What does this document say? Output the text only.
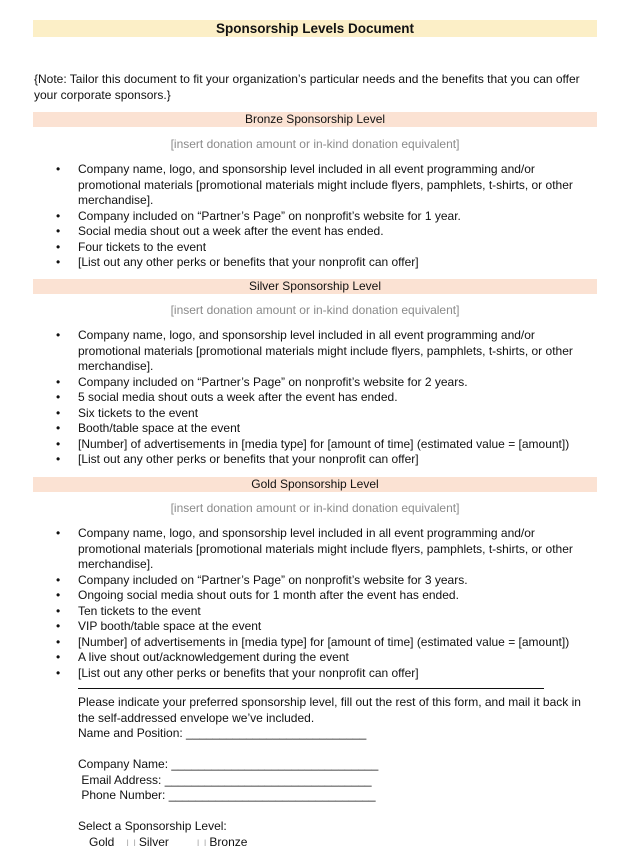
Sponsorship Levels Document
{Note: Tailor this document to fit your organization’s particular needs and the benefits that you can offer your corporate sponsors.}
Bronze Sponsorship Level
[insert donation amount or in-kind donation equivalent]
• Company name, logo, and sponsorship level included in all event programming and/or promotional materials [promotional materials might include flyers, pamphlets, t-shirts, or other merchandise].
• Company included on “Partner’s Page” on nonprofit’s website for 1 year.
• Social media shout out a week after the event has ended.
• Four tickets to the event
• [List out any other perks or benefits that your nonprofit can offer]
Silver Sponsorship Level
[insert donation amount or in-kind donation equivalent]
• Company name, logo, and sponsorship level included in all event programming and/or promotional materials [promotional materials might include flyers, pamphlets, t-shirts, or other merchandise].
• Company included on “Partner’s Page” on nonprofit’s website for 2 years.
• 5 social media shout outs a week after the event has ended.
• Six tickets to the event
• Booth/table space at the event
• [Number] of advertisements in [media type] for [amount of time] (estimated value = [amount])
• [List out any other perks or benefits that your nonprofit can offer]
Gold Sponsorship Level
[insert donation amount or in-kind donation equivalent]
• Company name, logo, and sponsorship level included in all event programming and/or promotional materials [promotional materials might include flyers, pamphlets, t-shirts, or other merchandise].
• Company included on “Partner’s Page” on nonprofit’s website for 3 years.
• Ongoing social media shout outs for 1 month after the event has ended.
• Ten tickets to the event
• VIP booth/table space at the event
• [Number] of advertisements in [media type] for [amount of time] (estimated value = [amount])
• A live shout out/acknowledgement during the event
• [List out any other perks or benefits that your nonprofit can offer]
Please indicate your preferred sponsorship level, fill out the rest of this form, and mail it back in the self-addressed envelope we’ve included.
Name and Position: ___________________________
Company Name: _______________________________
Email Address: _______________________________
Phone Number: _______________________________
Select a Sponsorship Level:
Gold I I Silver	I I Bronze
